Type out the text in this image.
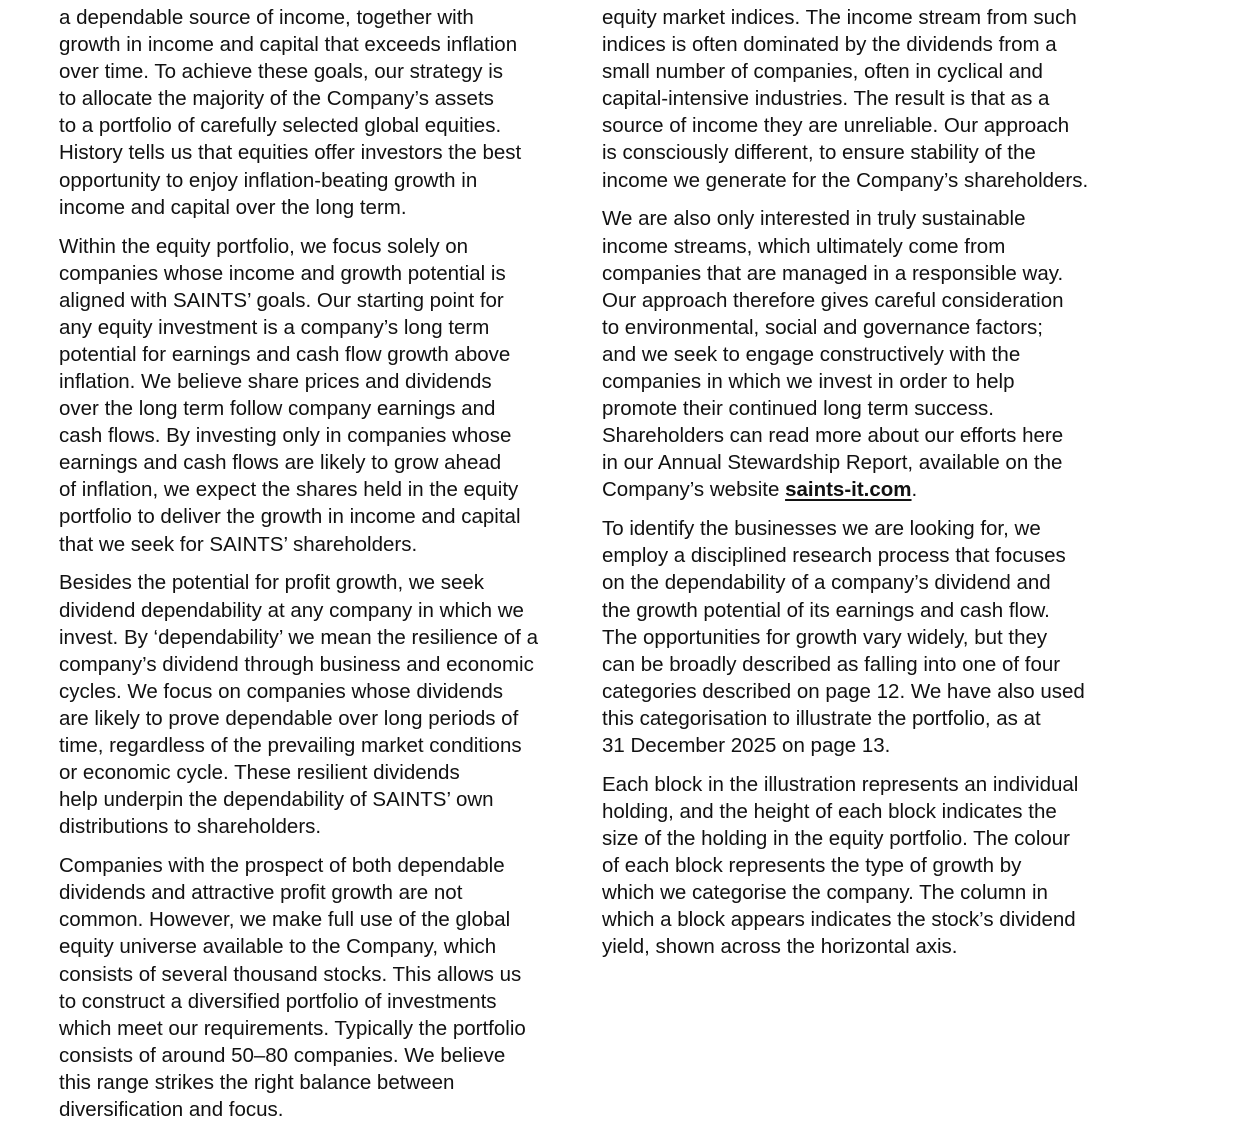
a dependable source of income, together with
growth in income and capital that exceeds inflation
over time. To achieve these goals, our strategy is
to allocate the majority of the Company’s assets
to a portfolio of carefully selected global equities.
History tells us that equities offer investors the best
opportunity to enjoy inflation-beating growth in
income and capital over the long term.

Within the equity portfolio, we focus solely on
companies whose income and growth potential is
aligned with SAINTS’ goals. Our starting point for
any equity investment is a company’s long term
potential for earnings and cash flow growth above
inflation. We believe share prices and dividends
over the long term follow company earnings and
cash flows. By investing only in companies whose
earnings and cash flows are likely to grow ahead
of inflation, we expect the shares held in the equity
portfolio to deliver the growth in income and capital
that we seek for SAINTS’ shareholders.

Besides the potential for profit growth, we seek
dividend dependability at any company in which we
invest. By ‘dependability’ we mean the resilience of a
company’s dividend through business and economic
cycles. We focus on companies whose dividends
are likely to prove dependable over long periods of
time, regardless of the prevailing market conditions
or economic cycle. These resilient dividends
help underpin the dependability of SAINTS’ own
distributions to shareholders.

Companies with the prospect of both dependable
dividends and attractive profit growth are not
common. However, we make full use of the global
equity universe available to the Company, which
consists of several thousand stocks. This allows us
to construct a diversified portfolio of investments
which meet our requirements. Typically the portfolio
consists of around 50–80 companies. We believe
this range strikes the right balance between
diversification and focus.

equity market indices. The income stream from such
indices is often dominated by the dividends from a
small number of companies, often in cyclical and
capital-intensive industries. The result is that as a
source of income they are unreliable. Our approach
is consciously different, to ensure stability of the
income we generate for the Company’s shareholders.

We are also only interested in truly sustainable
income streams, which ultimately come from
companies that are managed in a responsible way.
Our approach therefore gives careful consideration
to environmental, social and governance factors;
and we seek to engage constructively with the
companies in which we invest in order to help
promote their continued long term success.
Shareholders can read more about our efforts here
in our Annual Stewardship Report, available on the
Company’s website saints-it.com.

To identify the businesses we are looking for, we
employ a disciplined research process that focuses
on the dependability of a company’s dividend and
the growth potential of its earnings and cash flow.
The opportunities for growth vary widely, but they
can be broadly described as falling into one of four
categories described on page 12. We have also used
this categorisation to illustrate the portfolio, as at
31 December 2025 on page 13.

Each block in the illustration represents an individual
holding, and the height of each block indicates the
size of the holding in the equity portfolio. The colour
of each block represents the type of growth by
which we categorise the company. The column in
which a block appears indicates the stock’s dividend
yield, shown across the horizontal axis.
